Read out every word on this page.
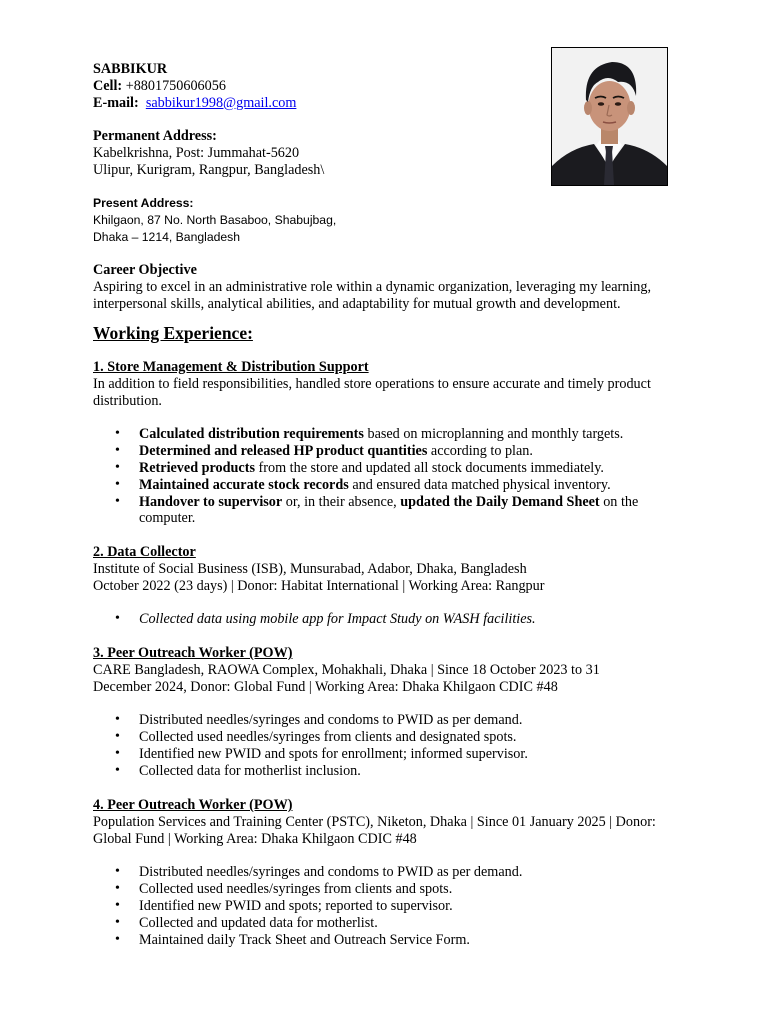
SABBIKUR
Cell: +8801750606056
E-mail: sabbikur1998@gmail.com
Permanent Address:
Kabelkrishna, Post: Jummahat-5620
Ulipur, Kurigram, Rangpur, Bangladesh\
Present Address:
Khilgaon, 87 No. North Basaboo, Shabujbag,
Dhaka – 1214, Bangladesh
Career Objective
Aspiring to excel in an administrative role within a dynamic organization, leveraging my learning,
interpersonal skills, analytical abilities, and adaptability for mutual growth and development.
Working Experience:
1. Store Management & Distribution Support
In addition to field responsibilities, handled store operations to ensure accurate and timely product
distribution.
• Calculated distribution requirements based on microplanning and monthly targets.
• Determined and released HP product quantities according to plan.
• Retrieved products from the store and updated all stock documents immediately.
• Maintained accurate stock records and ensured data matched physical inventory.
• Handover to supervisor or, in their absence, updated the Daily Demand Sheet on the
computer.
2. Data Collector
Institute of Social Business (ISB), Munsurabad, Adabor, Dhaka, Bangladesh
October 2022 (23 days) | Donor: Habitat International | Working Area: Rangpur
• Collected data using mobile app for Impact Study on WASH facilities.
3. Peer Outreach Worker (POW)
CARE Bangladesh, RAOWA Complex, Mohakhali, Dhaka | Since 18 October 2023 to 31
December 2024, Donor: Global Fund | Working Area: Dhaka Khilgaon CDIC #48
• Distributed needles/syringes and condoms to PWID as per demand.
• Collected used needles/syringes from clients and designated spots.
• Identified new PWID and spots for enrollment; informed supervisor.
• Collected data for motherlist inclusion.
4. Peer Outreach Worker (POW)
Population Services and Training Center (PSTC), Niketon, Dhaka | Since 01 January 2025 | Donor:
Global Fund | Working Area: Dhaka Khilgaon CDIC #48
• Distributed needles/syringes and condoms to PWID as per demand.
• Collected used needles/syringes from clients and spots.
• Identified new PWID and spots; reported to supervisor.
• Collected and updated data for motherlist.
• Maintained daily Track Sheet and Outreach Service Form.
